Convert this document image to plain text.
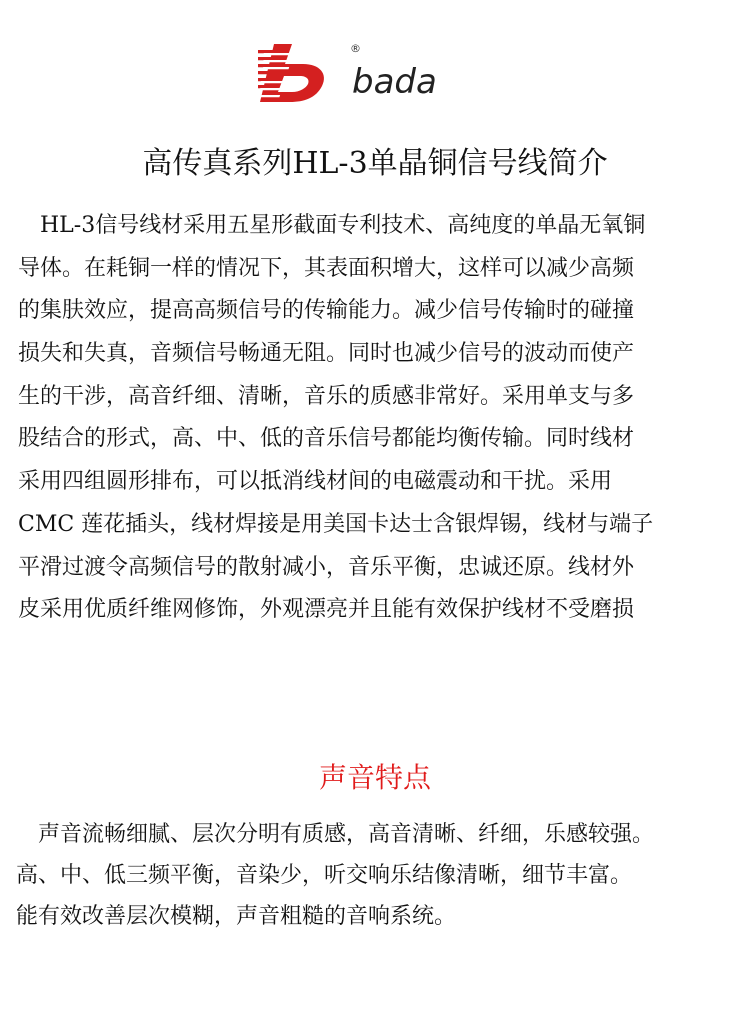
®
bada
高传真系列HL-3单晶铜信号线简介
　HL-3信号线材采用五星形截面专利技术、高纯度的单晶无氧铜
导体。在耗铜一样的情况下，其表面积增大，这样可以减少高频
的集肤效应，提高高频信号的传输能力。减少信号传输时的碰撞
损失和失真，音频信号畅通无阻。同时也减少信号的波动而使产
生的干涉，高音纤细、清晰，音乐的质感非常好。采用单支与多
股结合的形式，高、中、低的音乐信号都能均衡传输。同时线材
采用四组圆形排布，可以抵消线材间的电磁震动和干扰。采用
CMC 莲花插头，线材焊接是用美国卡达士含银焊锡，线材与端子
平滑过渡令高频信号的散射减小，音乐平衡，忠诚还原。线材外
皮采用优质纤维网修饰，外观漂亮并且能有效保护线材不受磨损
声音特点
　声音流畅细腻、层次分明有质感，高音清晰、纤细，乐感较强。
高、中、低三频平衡，音染少，听交响乐结像清晰，细节丰富。
能有效改善层次模糊，声音粗糙的音响系统。
